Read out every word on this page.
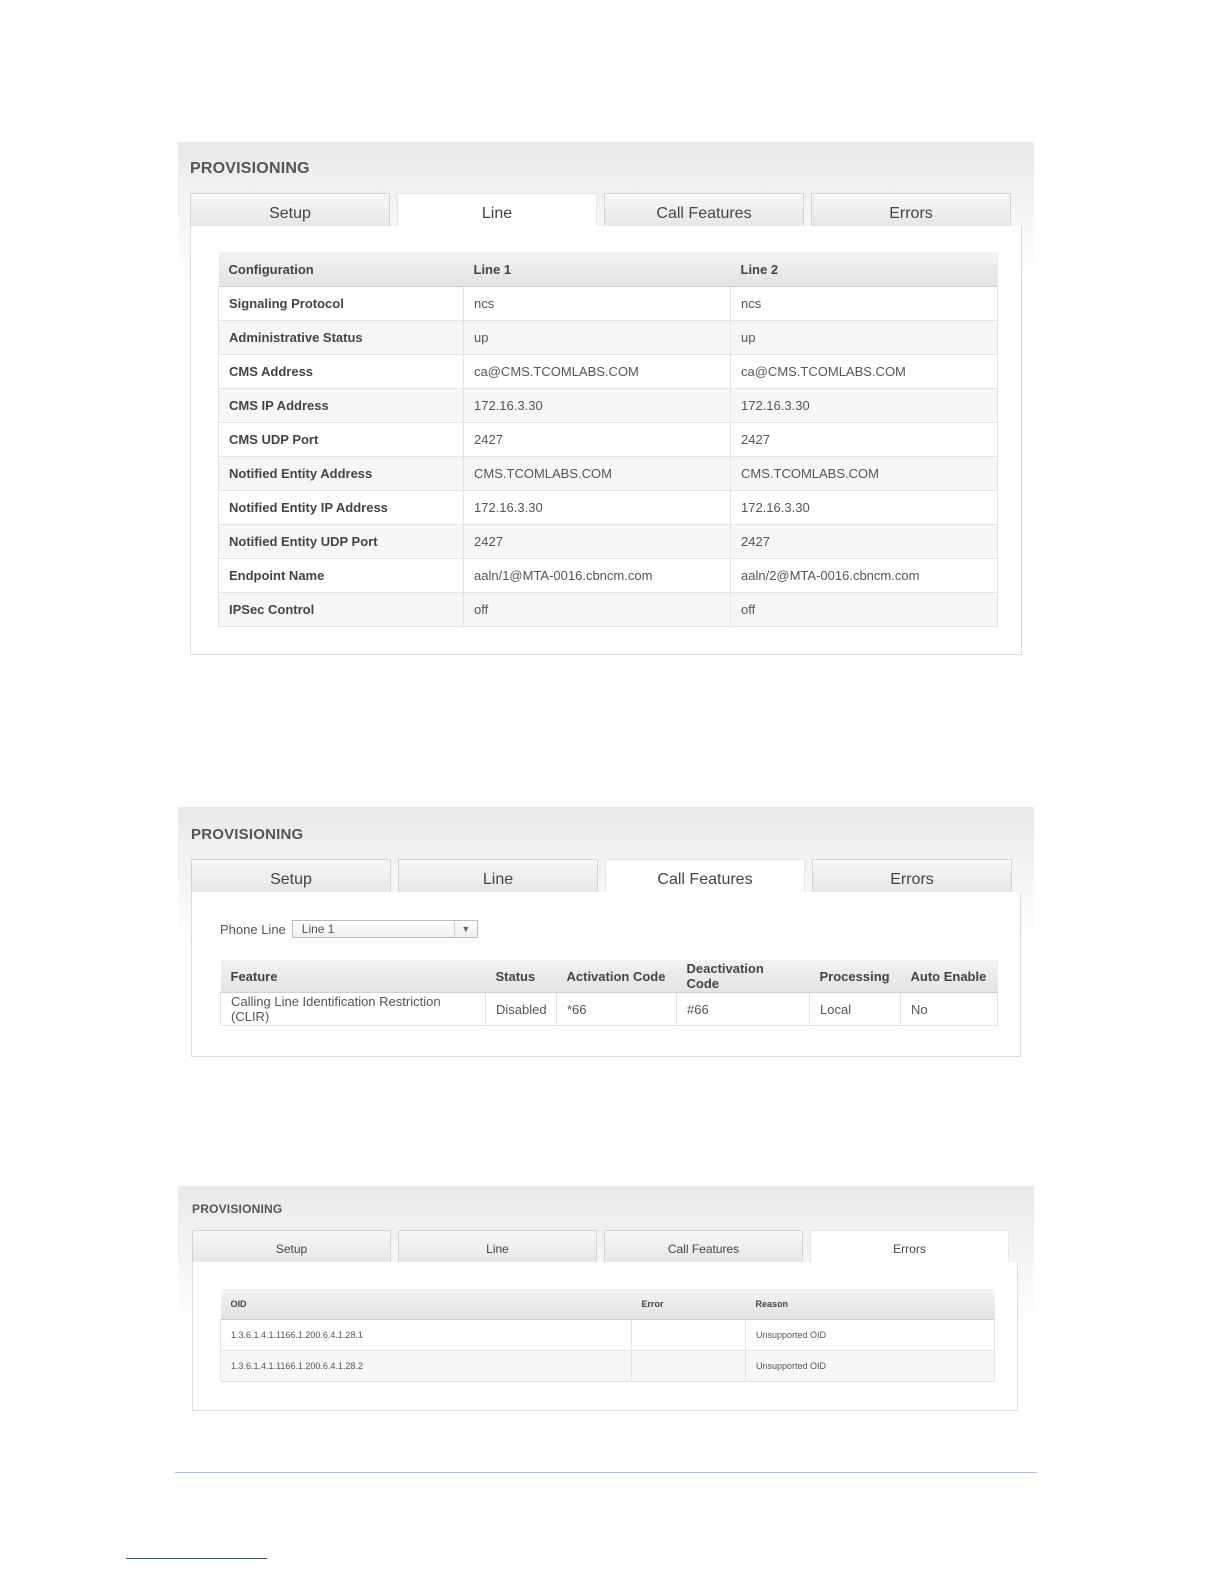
PROVISIONING
Setup	Line	Call Features	Errors
Configuration	Line 1	Line 2
Signaling Protocol	ncs	ncs
Administrative Status	up	up
CMS Address	ca@CMS.TCOMLABS.COM	ca@CMS.TCOMLABS.COM
CMS IP Address	172.16.3.30	172.16.3.30
CMS UDP Port	2427	2427
Notified Entity Address	CMS.TCOMLABS.COM	CMS.TCOMLABS.COM
Notified Entity IP Address	172.16.3.30	172.16.3.30
Notified Entity UDP Port	2427	2427
Endpoint Name	aaln/1@MTA-0016.cbncm.com	aaln/2@MTA-0016.cbncm.com
IPSec Control	off	off
PROVISIONING
Setup	Line	Call Features	Errors
Phone Line	Line 1	▼
Feature	Status	Activation Code	Deactivation Code	Processing	Auto Enable
Calling Line Identification Restriction (CLIR)	Disabled	*66	#66	Local	No
PROVISIONING
Setup	Line	Call Features	Errors
OID	Error	Reason
1.3.6.1.4.1.1166.1.200.6.4.1.28.1		Unsupported OID
1.3.6.1.4.1.1166.1.200.6.4.1.28.2		Unsupported OID
